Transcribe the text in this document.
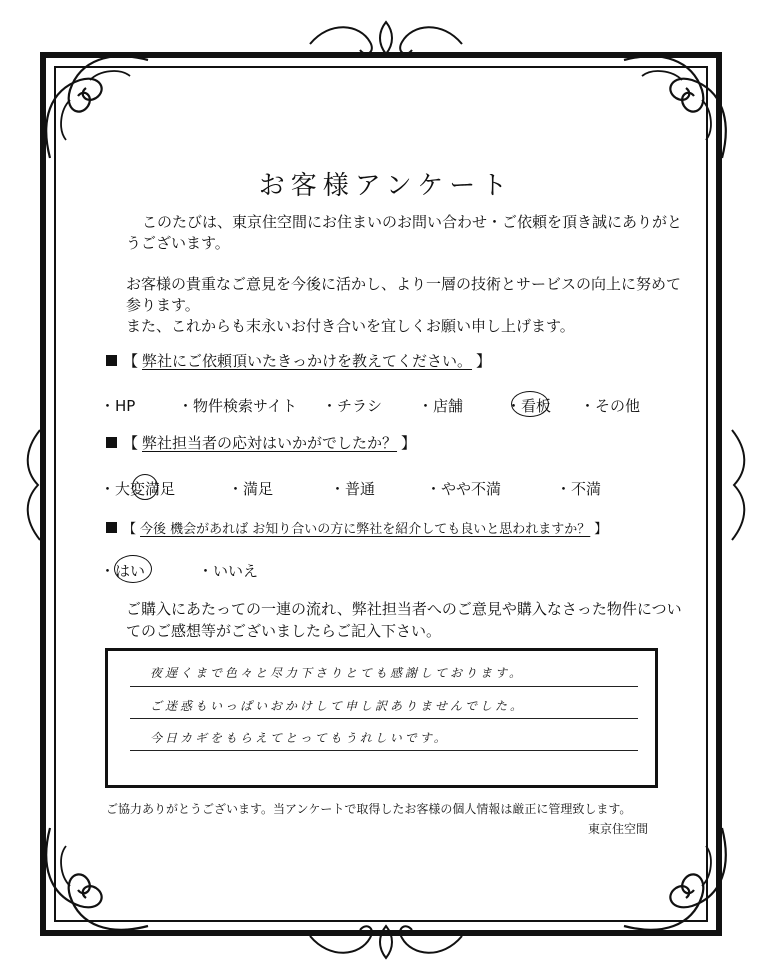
お客様アンケート

このたびは、東京住空間にお住まいのお問い合わせ・ご依頼を頂き誠にありがとうございます。

お客様の貴重なご意見を今後に活かし、より一層の技術とサービスの向上に努めて参ります。

また、これからも末永いお付き合いを宜しくお願い申し上げます。

【 弊社にご依頼頂いたきっかけを教えてください。 】
・HP	・物件検索サイト ・チラシ ・店舗	・看板 ・その他
【 弊社担当者の応対はいかがでしたか？ 】
・大変満足	・満足	・普通	・やや不満	・不満
【 今後 機会があれば お知り合いの方に弊社を紹介しても良いと思われますか？ 】
・はい	・いいえ

ご購入にあたっての一連の流れ、弊社担当者へのご意見や購入なさった物件についてのご感想等がございましたらご記入下さい。

夜遅くまで色々と尽力下さりとても感謝しております。
ご迷惑もいっぱいおかけして申し訳ありませんでした。
今日カギをもらえてとってもうれしいです。
ご協力ありがとうございます。当アンケートで取得したお客様の個人情報は厳正に管理致します。
東京住空間
